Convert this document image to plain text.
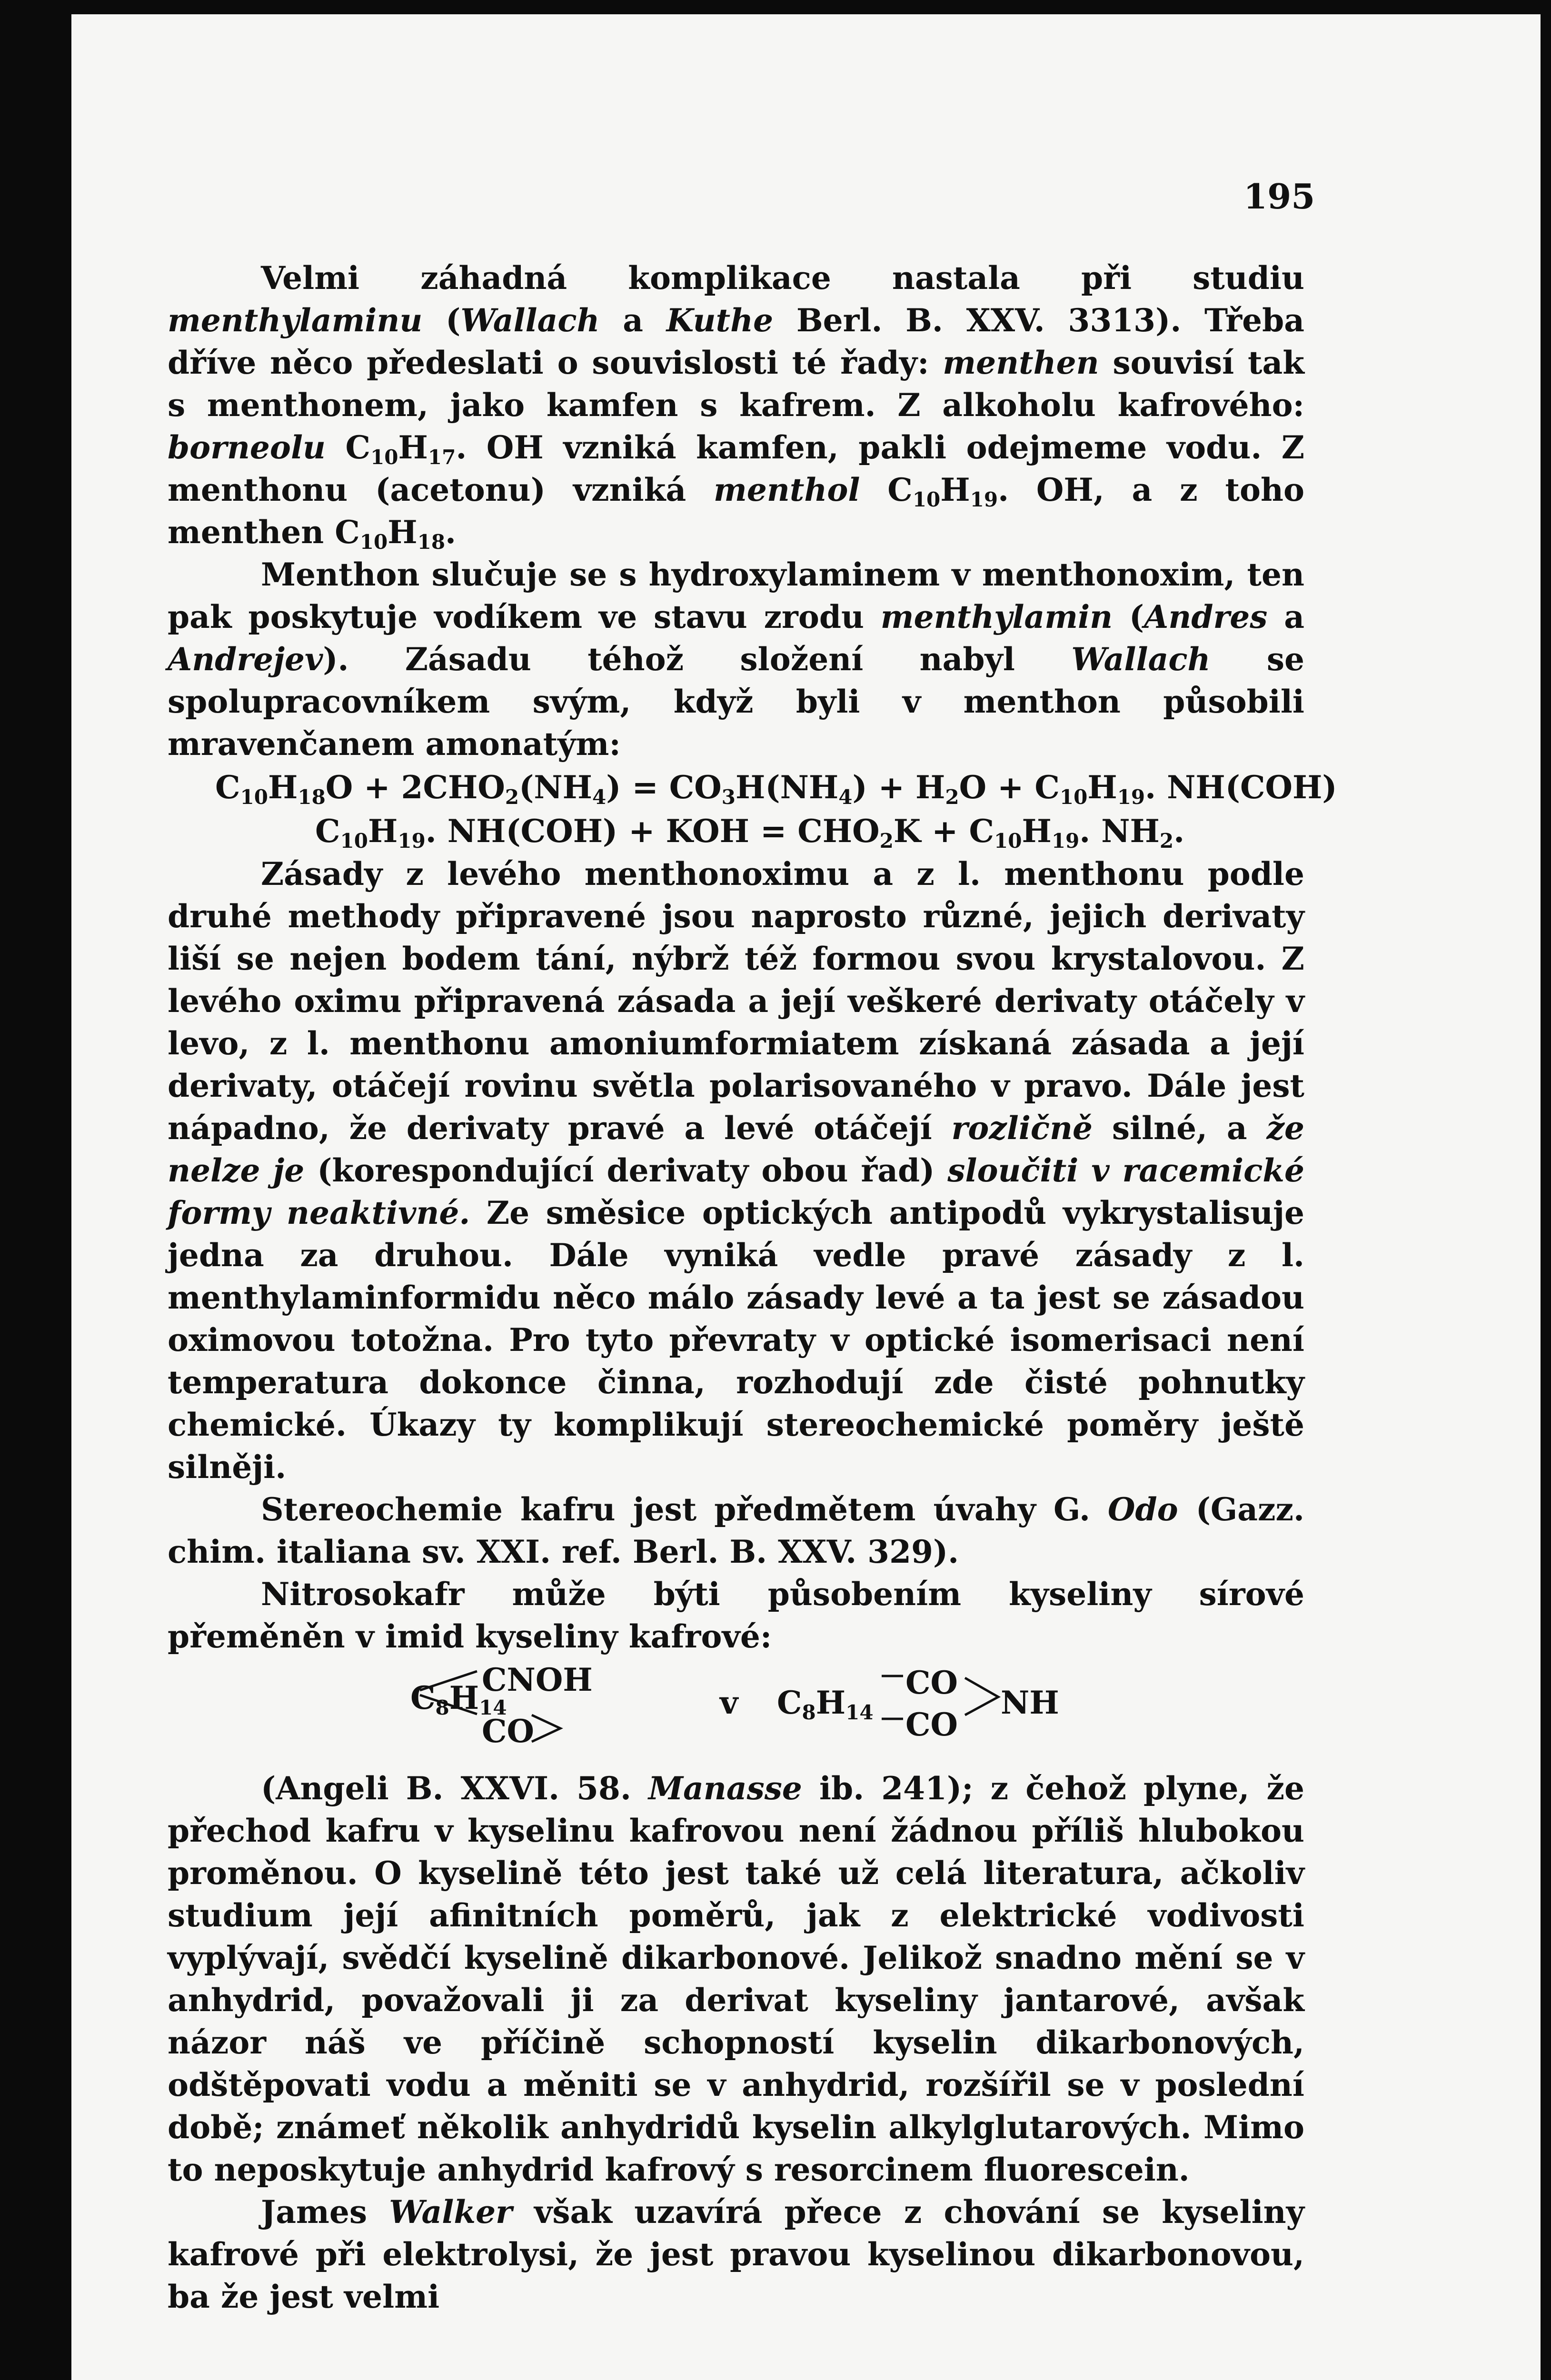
195

Velmi záhadná komplikace nastala při studiu menthylaminu (Wallach a Kuthe Berl. B. XXV. 3313). Třeba dříve něco předeslati o souvislosti té řady: menthen souvisí tak s menthonem, jako kamfen s kafrem. Z alkoholu kafrového: borneolu $C_{10}H_{17}$. OH vzniká kamfen, pakli odejmeme vodu. Z menthonu (acetonu) vzniká menthol $C_{10}H_{19}$. OH, a z toho menthen $C_{10}H_{18}$.

Menthon slučuje se s hydroxylaminem v menthonoxim, ten pak poskytuje vodíkem ve stavu zrodu menthylamin (Andres a Andrejev). Zásadu téhož složení nabyl Wallach se spolupracovníkem svým, když byli v menthon působili mravenčanem amonatým:

$C_{10}H_{18}O + 2CHO_2(NH_4) = CO_3H(NH_4) + H_2O + C_{10}H_{19}$. NH(COH)
$C_{10}H_{19}$. NH(COH) + KOH = $CHO_2K + C_{10}H_{19}$. $NH_2$.

Zásady z levého menthonoximu a z l. menthonu podle druhé methody připravené jsou naprosto různé, jejich derivaty liší se nejen bodem tání, nýbrž též formou svou krystalovou. Z levého oximu připravená zásada a její veškeré derivaty otáčely v levo, z l. menthonu amoniumformiatem získaná zásada a její derivaty, otáčejí rovinu světla polarisovaného v pravo. Dále jest nápadno, že derivaty pravé a levé otáčejí rozličně silné, a že nelze je (korespondující derivaty obou řad) sloučiti v racemické formy neaktivné. Ze směsice optických antipodů vykrystalisuje jedna za druhou. Dále vyniká vedle pravé zásady z l. menthylaminformidu něco málo zásady levé a ta jest se zásadou oximovou totožna. Pro tyto převraty v optické isomerisaci není temperatura dokonce činna, rozhodují zde čisté pohnutky chemické. Úkazy ty komplikují stereochemické poměry ještě silněji.

Stereochemie kafru jest předmětem úvahy G. Odo (Gazz. chim. italiana sv. XXI. ref. Berl. B. XXV. 329).

Nitrosokafr může býti působením kyseliny sírové přeměněn v imid kyseliny kafrové:

$C_8H_{14}$
CNOH
CO
v $C_8H_{14}$
CO
CO
NH

(Angeli B. XXVI. 58. Manasse ib. 241); z čehož plyne, že přechod kafru v kyselinu kafrovou není žádnou příliš hlubokou proměnou. O kyselině této jest také už celá literatura, ačkoliv studium její afinitních poměrů, jak z elektrické vodivosti vyplývají, svědčí kyselině dikarbonové. Jelikož snadno mění se v anhydrid, považovali ji za derivat kyseliny jantarové, avšak názor náš ve příčině schopností kyselin dikarbonových, odštěpovati vodu a měniti se v anhydrid, rozšířil se v poslední době; známeť několik anhydridů kyselin alkylglutarových. Mimo to neposkytuje anhydrid kafrový s resorcinem fluorescein.

James Walker však uzavírá přece z chování se kyseliny kafrové při elektrolysi, že jest pravou kyselinou dikarbonovou, ba že jest velmi
